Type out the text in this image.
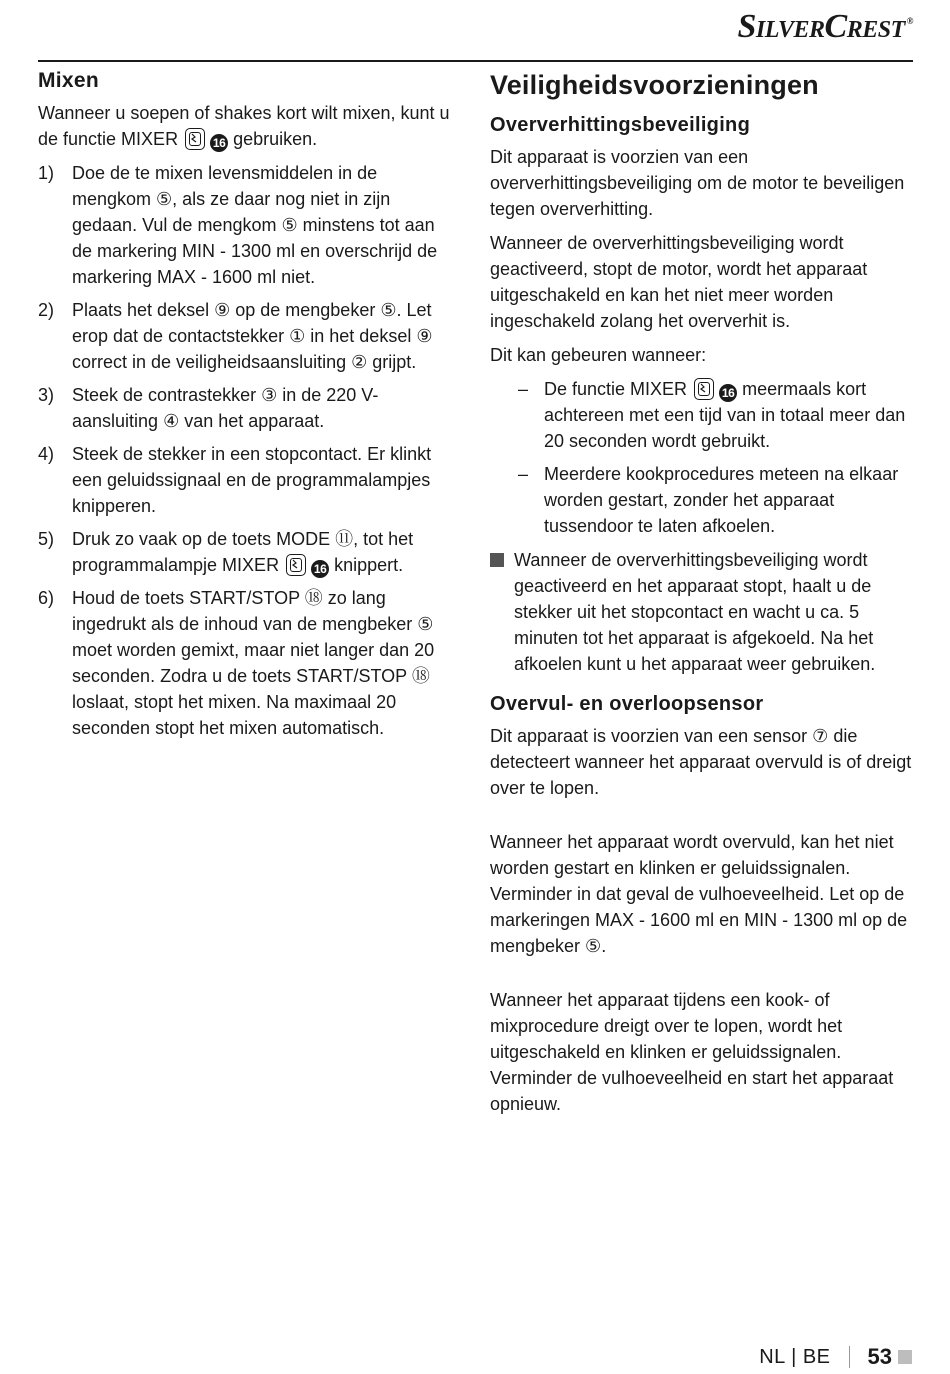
SilverCrest ®
Mixen

Wanneer u soepen of shakes kort wilt mixen, kunt u de functie MIXER	16 gebruiken.

1) Doe de te mixen levensmiddelen in de mengkom ⑤, als ze daar nog niet in zijn gedaan. Vul de mengkom ⑤ minstens tot aan de markering MIN - 1300 ml en overschrijd de markering MAX - 1600 ml niet.
2) Plaats het deksel ⑨ op de mengbeker ⑤. Let erop dat de contactstekker ① in het deksel ⑨ correct in de veiligheidsaansluiting ② grijpt.
3) Steek de contrastekker ③ in de 220 V-aansluiting ④ van het apparaat.
4) Steek de stekker in een stopcontact. Er klinkt een geluidssignaal en de programmalampjes knipperen.
5) Druk zo vaak op de toets MODE ⑪, tot het programmalampje MIXER	16 knippert.
6) Houd de toets START/STOP ⑱ zo lang ingedrukt als de inhoud van de mengbeker ⑤ moet worden gemixt, maar niet langer dan 20 seconden. Zodra u de toets START/STOP ⑱ loslaat, stopt het mixen. Na maximaal 20 seconden stopt het mixen automatisch.
Veiligheidsvoorzieningen
Oververhittingsbeveiliging

Dit apparaat is voorzien van een oververhittingsbeveiliging om de motor te beveiligen tegen oververhitting.

Wanneer de oververhittingsbeveiliging wordt geactiveerd, stopt de motor, wordt het apparaat uitgeschakeld en kan het niet meer worden ingeschakeld zolang het oververhit is.

Dit kan gebeuren wanneer:

– De functie MIXER	16 meermaals kort achtereen met een tijd van in totaal meer dan 20 seconden wordt gebruikt.
– Meerdere kookprocedures meteen na elkaar worden gestart, zonder het apparaat tussendoor te laten afkoelen.
Wanneer de oververhittingsbeveiliging wordt geactiveerd en het apparaat stopt, haalt u de stekker uit het stopcontact en wacht u ca. 5 minuten tot het apparaat is afgekoeld. Na het afkoelen kunt u het apparaat weer gebruiken.
Overvul- en overloopsensor

Dit apparaat is voorzien van een sensor ⑦ die detecteert wanneer het apparaat overvuld is of dreigt over te lopen.

Wanneer het apparaat wordt overvuld, kan het niet worden gestart en klinken er geluidssignalen. Verminder in dat geval de vulhoeveelheid. Let op de markeringen MAX - 1600 ml en MIN - 1300 ml op de mengbeker ⑤.

Wanneer het apparaat tijdens een kook- of mixprocedure dreigt over te lopen, wordt het uitgeschakeld en klinken er geluidssignalen. Verminder de vulhoeveelheid en start het apparaat opnieuw.

NL | BE 53
